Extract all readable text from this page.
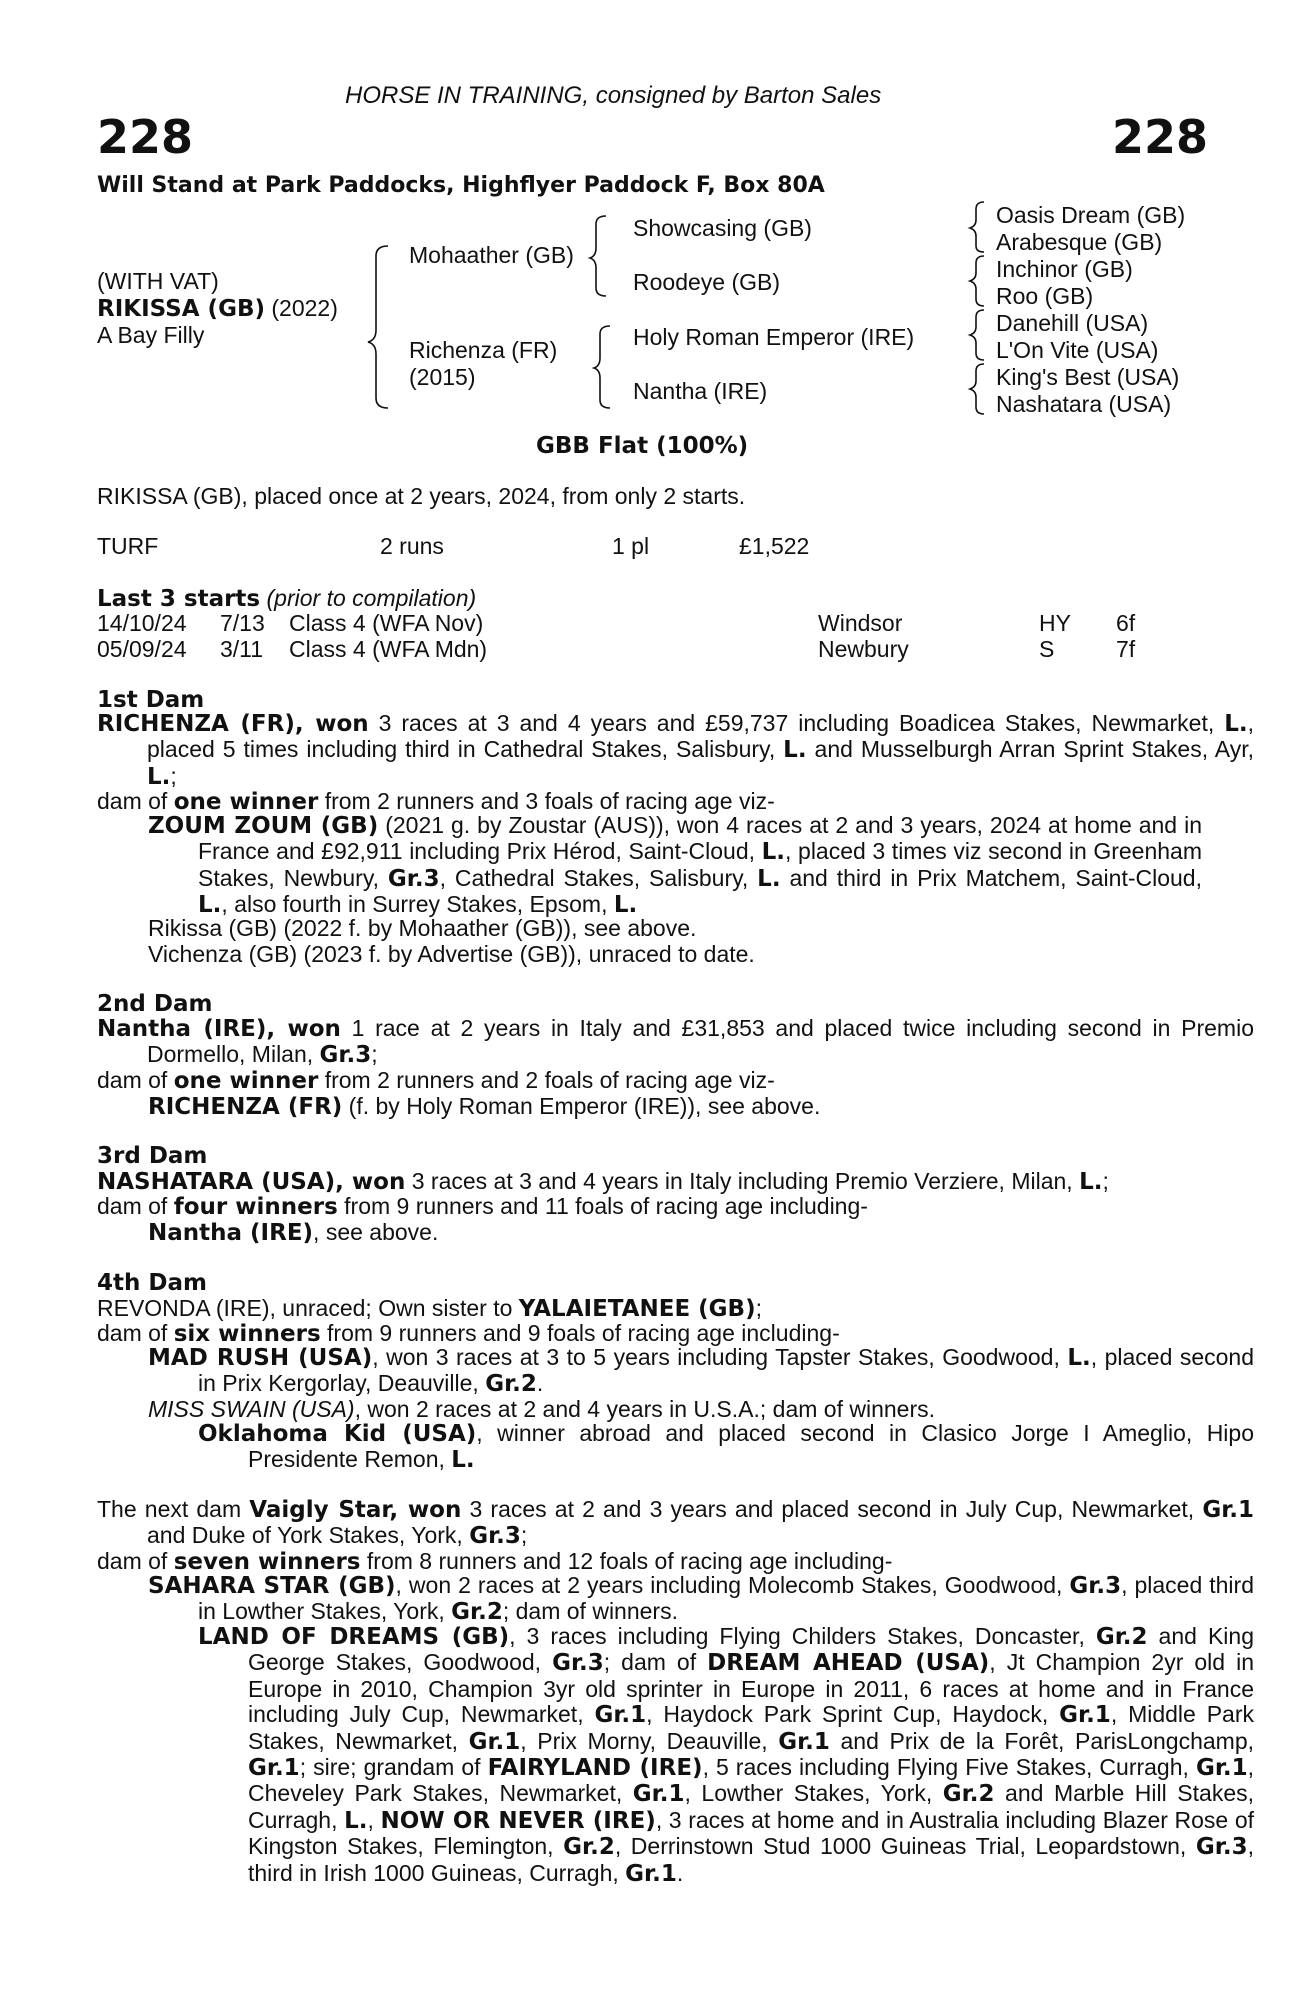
HORSE IN TRAINING, consigned by Barton Sales
228	228
Will Stand at Park Paddocks, Highflyer Paddock F, Box 80A
(WITH VAT)
RIKISSA (GB) (2022)
A Bay Filly
Mohaather (GB)
Richenza (FR)
(2015)
Showcasing (GB)
Roodeye (GB)
Holy Roman Emperor (IRE)
Nantha (IRE)
Oasis Dream (GB)
Arabesque (GB)
Inchinor (GB)
Roo (GB)
Danehill (USA)
L'On Vite (USA)
King's Best (USA)
Nashatara (USA)
GBB Flat (100%)
RIKISSA (GB), placed once at 2 years, 2024, from only 2 starts.
TURF	2 runs	1 pl	£1,522
Last 3 starts (prior to compilation)
14/10/24 7/13 Class 4 (WFA Nov)	Windsor	HY 6f
05/09/24 3/11 Class 4 (WFA Mdn)	Newbury	S	7f
1st Dam

RICHENZA (FR), won 3 races at 3 and 4 years and £59,737 including Boadicea Stakes, Newmarket, L., placed 5 times including third in Cathedral Stakes, Salisbury, L. and Musselburgh Arran Sprint Stakes, Ayr, L.;

dam of one winner from 2 runners and 3 foals of racing age viz-

ZOUM ZOUM (GB) (2021 g. by Zoustar (AUS)), won 4 races at 2 and 3 years, 2024 at home and in France and £92,911 including Prix Hérod, Saint-Cloud, L., placed 3 times viz second in Greenham Stakes, Newbury, Gr.3, Cathedral Stakes, Salisbury, L. and third in Prix Matchem, Saint-Cloud, L., also fourth in Surrey Stakes, Epsom, L.

Rikissa (GB) (2022 f. by Mohaather (GB)), see above.
Vichenza (GB) (2023 f. by Advertise (GB)), unraced to date.
2nd Dam

Nantha (IRE), won 1 race at 2 years in Italy and £31,853 and placed twice including second in Premio Dormello, Milan, Gr.3;

dam of one winner from 2 runners and 2 foals of racing age viz-
RICHENZA (FR) (f. by Holy Roman Emperor (IRE)), see above.
3rd Dam
NASHATARA (USA), won 3 races at 3 and 4 years in Italy including Premio Verziere, Milan, L.;
dam of four winners from 9 runners and 11 foals of racing age including-
Nantha (IRE), see above.
4th Dam
REVONDA (IRE), unraced; Own sister to YALAIETANEE (GB);
dam of six winners from 9 runners and 9 foals of racing age including-

MAD RUSH (USA), won 3 races at 3 to 5 years including Tapster Stakes, Goodwood, L., placed second in Prix Kergorlay, Deauville, Gr.2.

MISS SWAIN (USA), won 2 races at 2 and 4 years in U.S.A.; dam of winners.

Oklahoma Kid (USA), winner abroad and placed second in Clasico Jorge I Ameglio, Hipo Presidente Remon, L.

The next dam Vaigly Star, won 3 races at 2 and 3 years and placed second in July Cup, Newmarket, Gr.1 and Duke of York Stakes, York, Gr.3;

dam of seven winners from 8 runners and 12 foals of racing age including-

SAHARA STAR (GB), won 2 races at 2 years including Molecomb Stakes, Goodwood, Gr.3, placed third in Lowther Stakes, York, Gr.2; dam of winners.

LAND OF DREAMS (GB), 3 races including Flying Childers Stakes, Doncaster, Gr.2 and King George Stakes, Goodwood, Gr.3; dam of DREAM AHEAD (USA), Jt Champion 2yr old in Europe in 2010, Champion 3yr old sprinter in Europe in 2011, 6 races at home and in France including July Cup, Newmarket, Gr.1, Haydock Park Sprint Cup, Haydock, Gr.1, Middle Park Stakes, Newmarket, Gr.1, Prix Morny, Deauville, Gr.1 and Prix de la Forêt, ParisLongchamp, Gr.1; sire; grandam of FAIRYLAND (IRE), 5 races including Flying Five Stakes, Curragh, Gr.1, Cheveley Park Stakes, Newmarket, Gr.1, Lowther Stakes, York, Gr.2 and Marble Hill Stakes, Curragh, L., NOW OR NEVER (IRE), 3 races at home and in Australia including Blazer Rose of Kingston Stakes, Flemington, Gr.2, Derrinstown Stud 1000 Guineas Trial, Leopardstown, Gr.3, third in Irish 1000 Guineas, Curragh, Gr.1.
